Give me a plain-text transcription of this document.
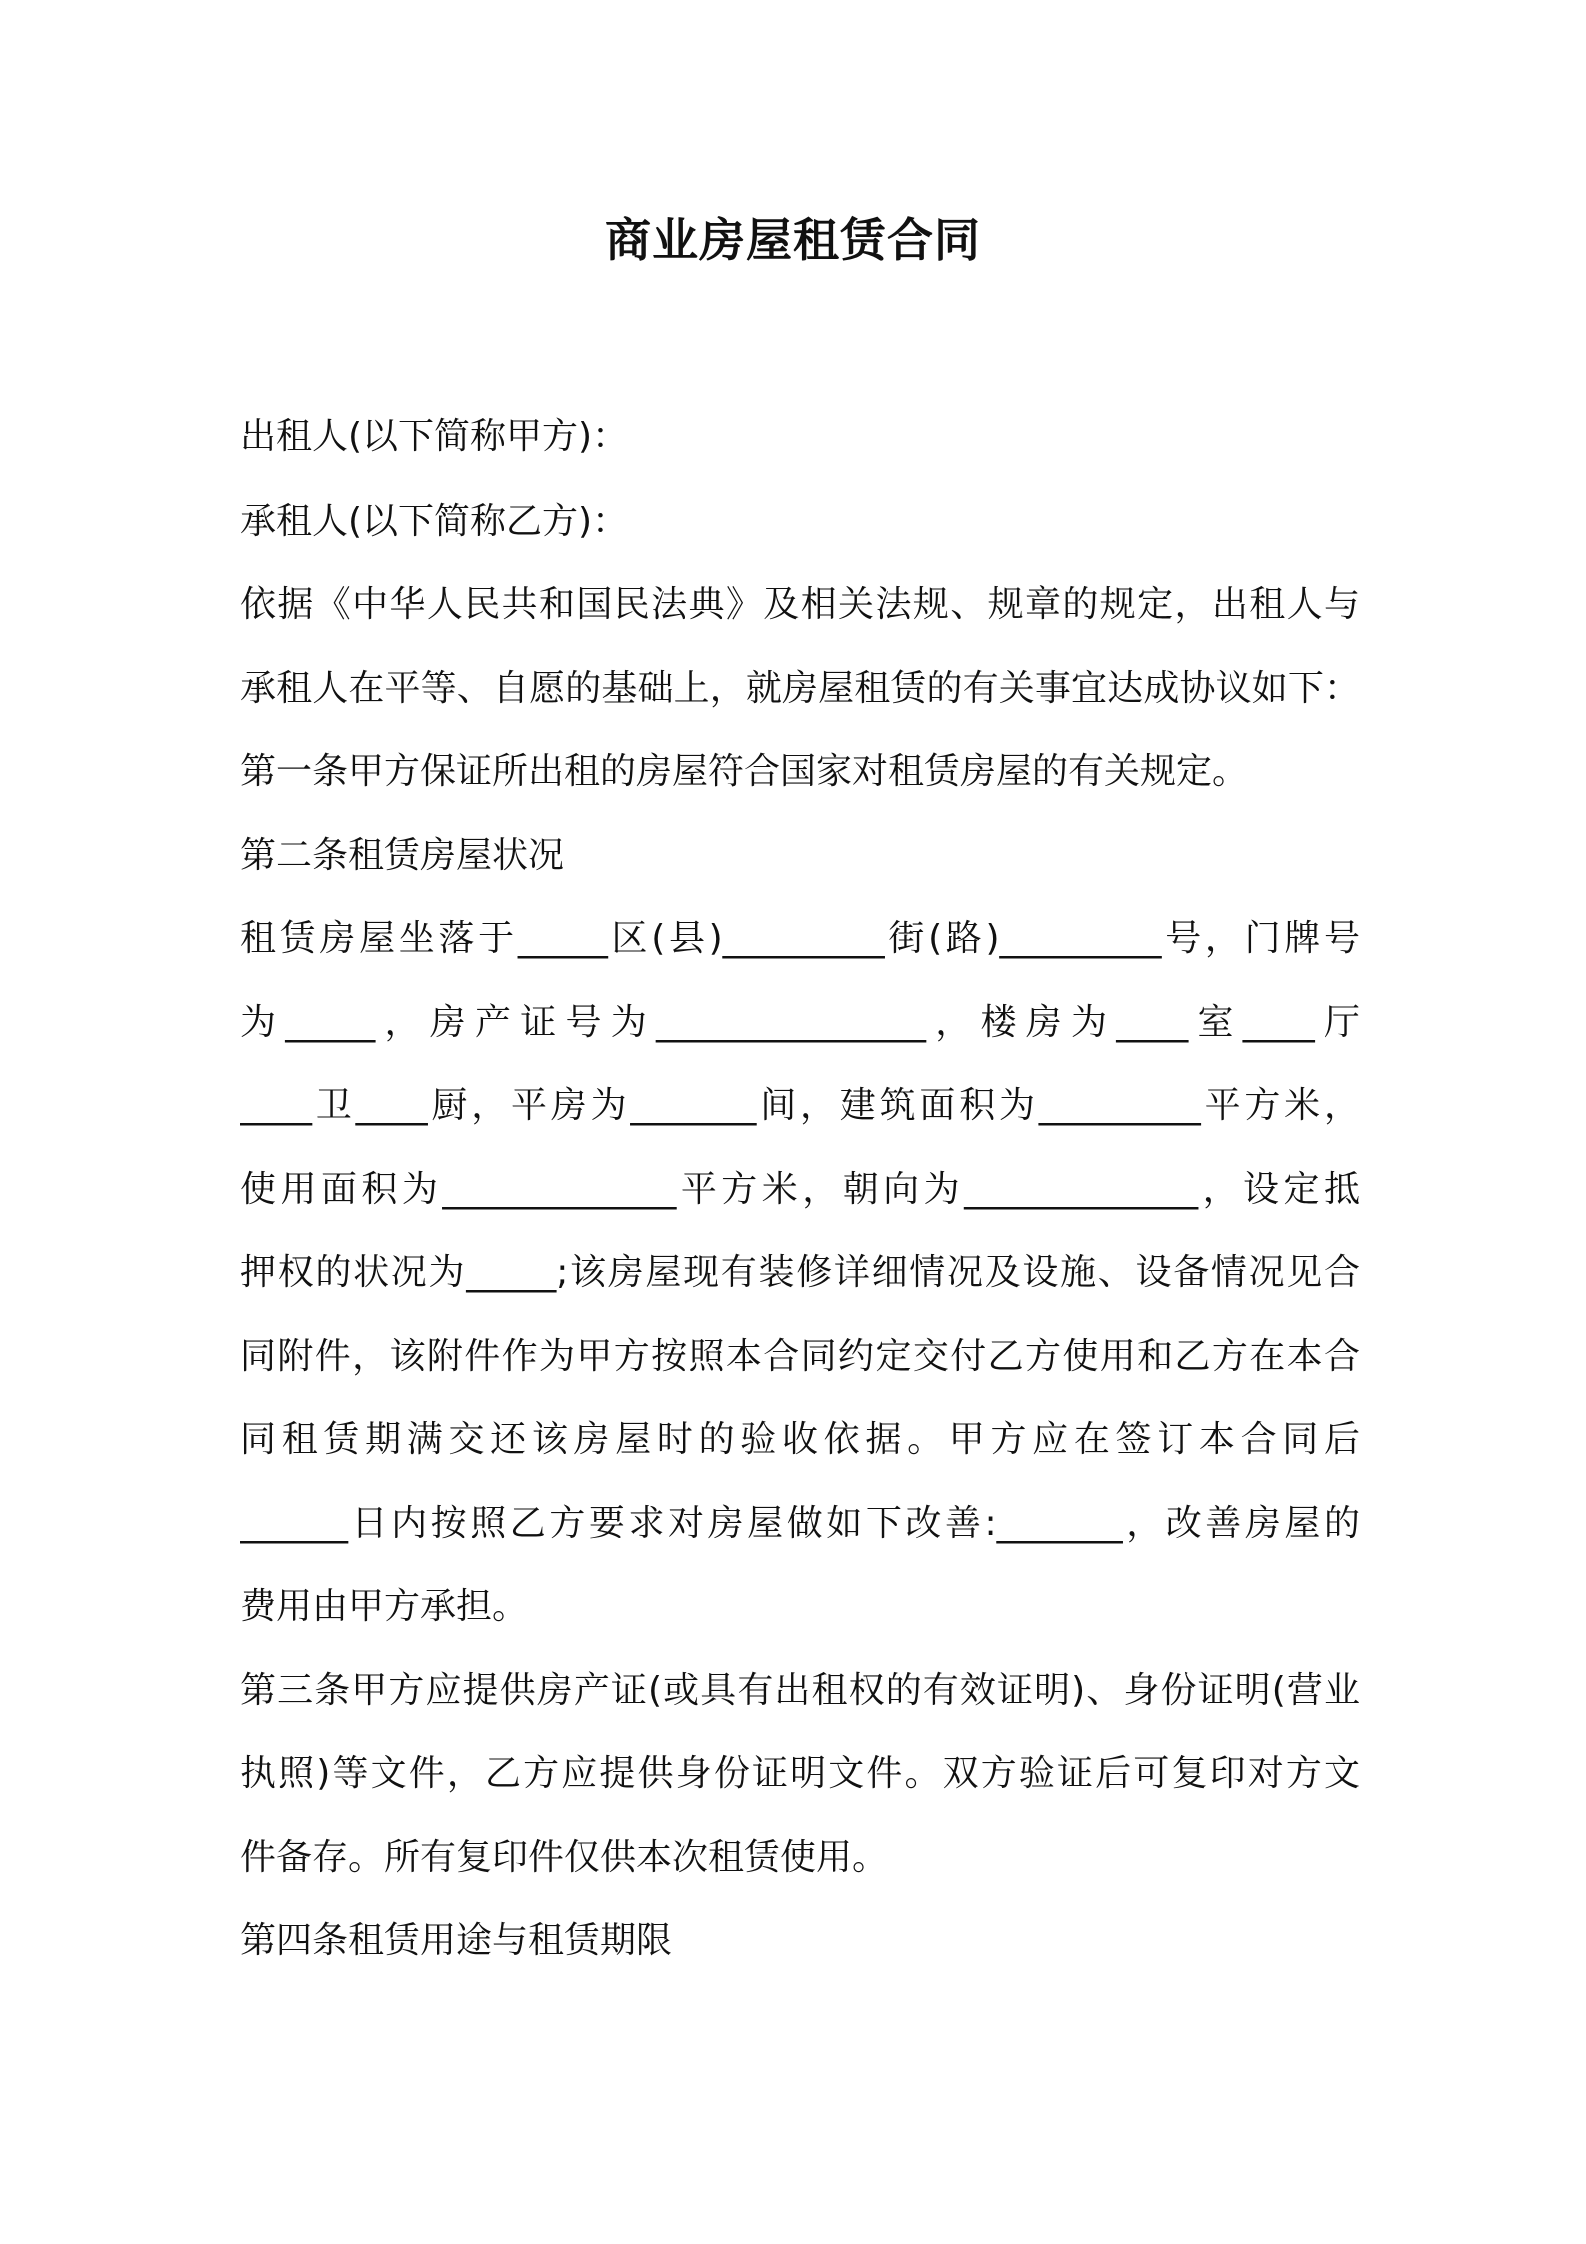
商业房屋租赁合同

出租人(以下简称甲方)：

承租人(以下简称乙方)：

依据《中华人民共和国民法典》及相关法规、规章的规定，出租人与

承租人在平等、自愿的基础上，就房屋租赁的有关事宜达成协议如下：

第一条甲方保证所出租的房屋符合国家对租赁房屋的有关规定。

第二条租赁房屋状况

租赁房屋坐落于_____区(县)_________街(路)_________号，门牌号

为_____，房产证号为_______________，楼房为____室____厅

____卫____厨，平房为_______间，建筑面积为_________平方米，

使用面积为_____________平方米，朝向为_____________，设定抵

押权的状况为_____;该房屋现有装修详细情况及设施、设备情况见合

同附件，该附件作为甲方按照本合同约定交付乙方使用和乙方在本合

同租赁期满交还该房屋时的验收依据。甲方应在签订本合同后

______日内按照乙方要求对房屋做如下改善:_______，改善房屋的

费用由甲方承担。

第三条甲方应提供房产证(或具有出租权的有效证明)、身份证明(营业

执照)等文件，乙方应提供身份证明文件。双方验证后可复印对方文

件备存。所有复印件仅供本次租赁使用。

第四条租赁用途与租赁期限
